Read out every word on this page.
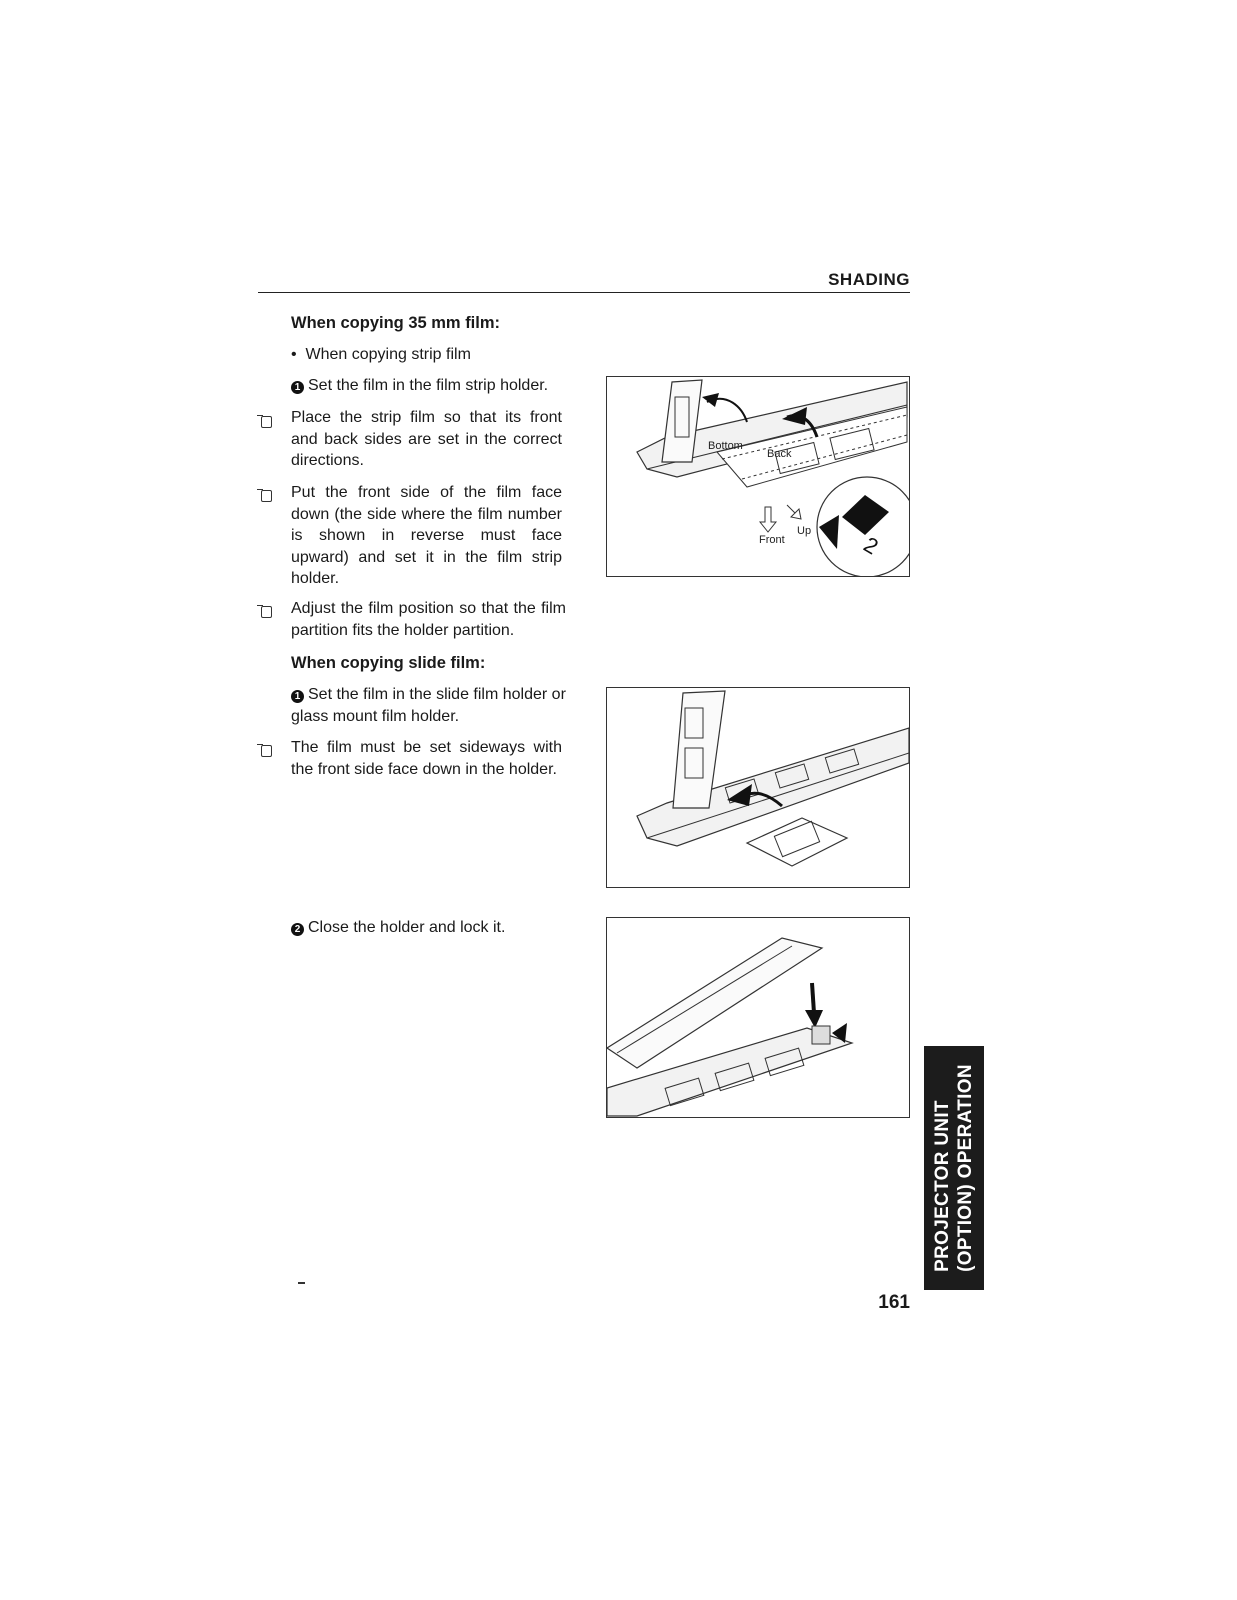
SHADING
When copying 35 mm film:
• When copying strip film
1 Set the film in the film strip holder.
Place the strip film so that its front and back sides are set in the correct directions.
Put the front side of the film face down (the side where the film number is shown in reverse must face upward) and set it in the film strip holder.
Adjust the film position so that the film partition fits the holder partition.
When copying slide film:
1 Set the film in the slide film holder or glass mount film holder.
The film must be set sideways with the front side face down in the holder.
2 Close the holder and lock it.
Bottom
Back
Up
Front	2
PROJECTOR UNIT (OPTION) OPERATION
161
